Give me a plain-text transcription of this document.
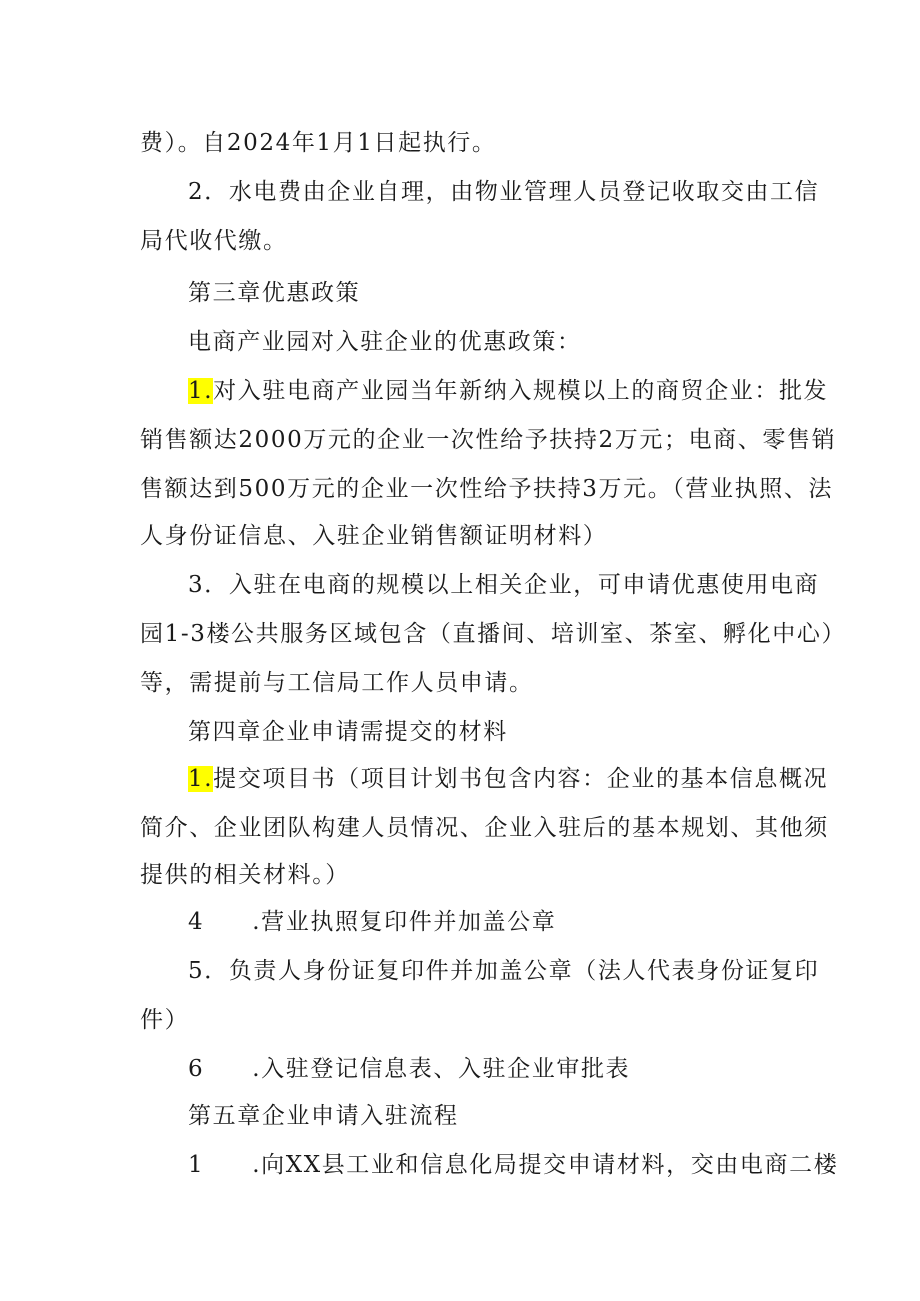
费）。自2024年1月1日起执行。
2．水电费由企业自理，由物业管理人员登记收取交由工信
局代收代缴。
第三章优惠政策
电商产业园对入驻企业的优惠政策：
1.对入驻电商产业园当年新纳入规模以上的商贸企业：批发
销售额达2000万元的企业一次性给予扶持2万元；电商、零售销
售额达到500万元的企业一次性给予扶持3万元。（营业执照、法
人身份证信息、入驻企业销售额证明材料）
3．入驻在电商的规模以上相关企业，可申请优惠使用电商
园1-3楼公共服务区域包含（直播间、培训室、茶室、孵化中心）
等，需提前与工信局工作人员申请。
第四章企业申请需提交的材料
1.提交项目书（项目计划书包含内容：企业的基本信息概况
简介、企业团队构建人员情况、企业入驻后的基本规划、其他须
提供的相关材料。）
4 .营业执照复印件并加盖公章
5．负责人身份证复印件并加盖公章（法人代表身份证复印
件）
6 .入驻登记信息表、入驻企业审批表
第五章企业申请入驻流程
1 .向XX县工业和信息化局提交申请材料，交由电商二楼
